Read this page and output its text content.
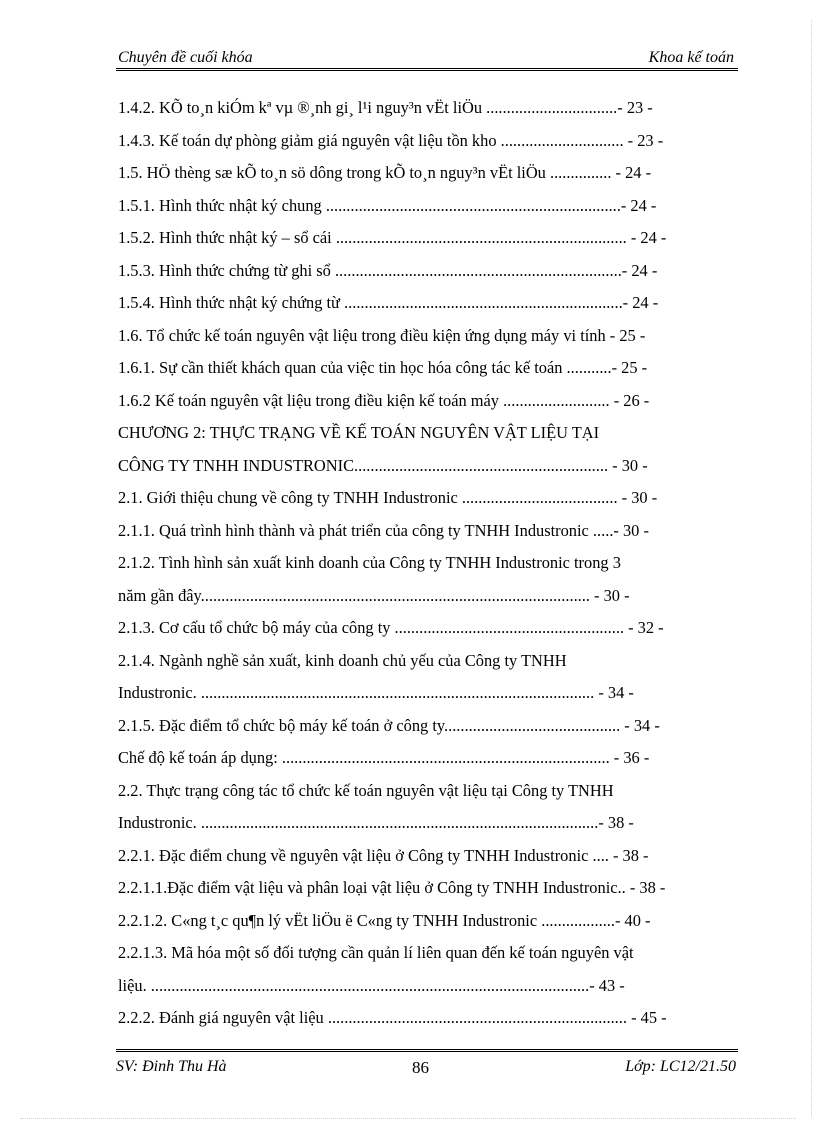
Chuyên đề cuối khóa	Khoa kế toán
1.4.2. KÕ to¸n kiÓm kª vµ ®¸nh gi¸ l¹i nguy³n vËt liÖu ................................- 23 -
1.4.3. Kế toán dự phòng giảm giá nguyên vật liệu tồn kho .............................. - 23 -
1.5. HÖ thèng sæ kÕ to¸n sö dông trong kÕ to¸n nguy³n vËt liÖu ............... - 24 -
1.5.1. Hình thức nhật ký chung ........................................................................- 24 -
1.5.2. Hình thức nhật ký – sổ cái ....................................................................... - 24 -
1.5.3. Hình thức chứng từ ghi sổ ......................................................................- 24 -
1.5.4. Hình thức nhật ký chứng từ ....................................................................- 24 -
1.6. Tổ chức kế toán nguyên vật liệu trong điều kiện ứng dụng máy vi tính - 25 -
1.6.1. Sự cần thiết khách quan của việc tin học hóa công tác kế toán ...........- 25 -
1.6.2 Kế toán nguyên vật liệu trong điều kiện kế toán máy .......................... - 26 -
CHƯƠNG 2: THỰC TRẠNG VỀ KẾ TOÁN NGUYÊN VẬT LIỆU TẠI
CÔNG TY TNHH INDUSTRONIC.............................................................. - 30 -
2.1. Giới thiệu chung về công ty TNHH Industronic ...................................... - 30 -
2.1.1. Quá trình hình thành và phát triển của công ty TNHH Industronic .....- 30 -
2.1.2. Tình hình sản xuất kinh doanh của Công ty TNHH Industronic trong 3
năm gần đây............................................................................................... - 30 -
2.1.3. Cơ cấu tổ chức bộ máy của công ty ........................................................ - 32 -
2.1.4. Ngành nghề sản xuất, kinh doanh chủ yếu của Công ty TNHH
Industronic. ................................................................................................ - 34 -
2.1.5. Đặc điểm tổ chức bộ máy kế toán ở công ty........................................... - 34 -
Chế độ kế toán áp dụng: ................................................................................ - 36 -
2.2. Thực trạng công tác tổ chức kế toán nguyên vật liệu tại Công ty TNHH
Industronic. .................................................................................................- 38 -
2.2.1. Đặc điểm chung về nguyên vật liệu ở Công ty TNHH Industronic .... - 38 -
2.2.1.1.Đặc điểm vật liệu và phân loại vật liệu ở Công ty TNHH Industronic.. - 38 -
2.2.1.2. C«ng t¸c qu¶n lý vËt liÖu ë C«ng ty TNHH Industronic ..................- 40 -
2.2.1.3. Mã hóa một số đối tượng cần quản lí liên quan đến kế toán nguyên vật
liệu. ...........................................................................................................- 43 -
2.2.2. Đánh giá nguyên vật liệu ......................................................................... - 45 -
SV: Đinh Thu Hà	86	Lớp: LC12/21.50
